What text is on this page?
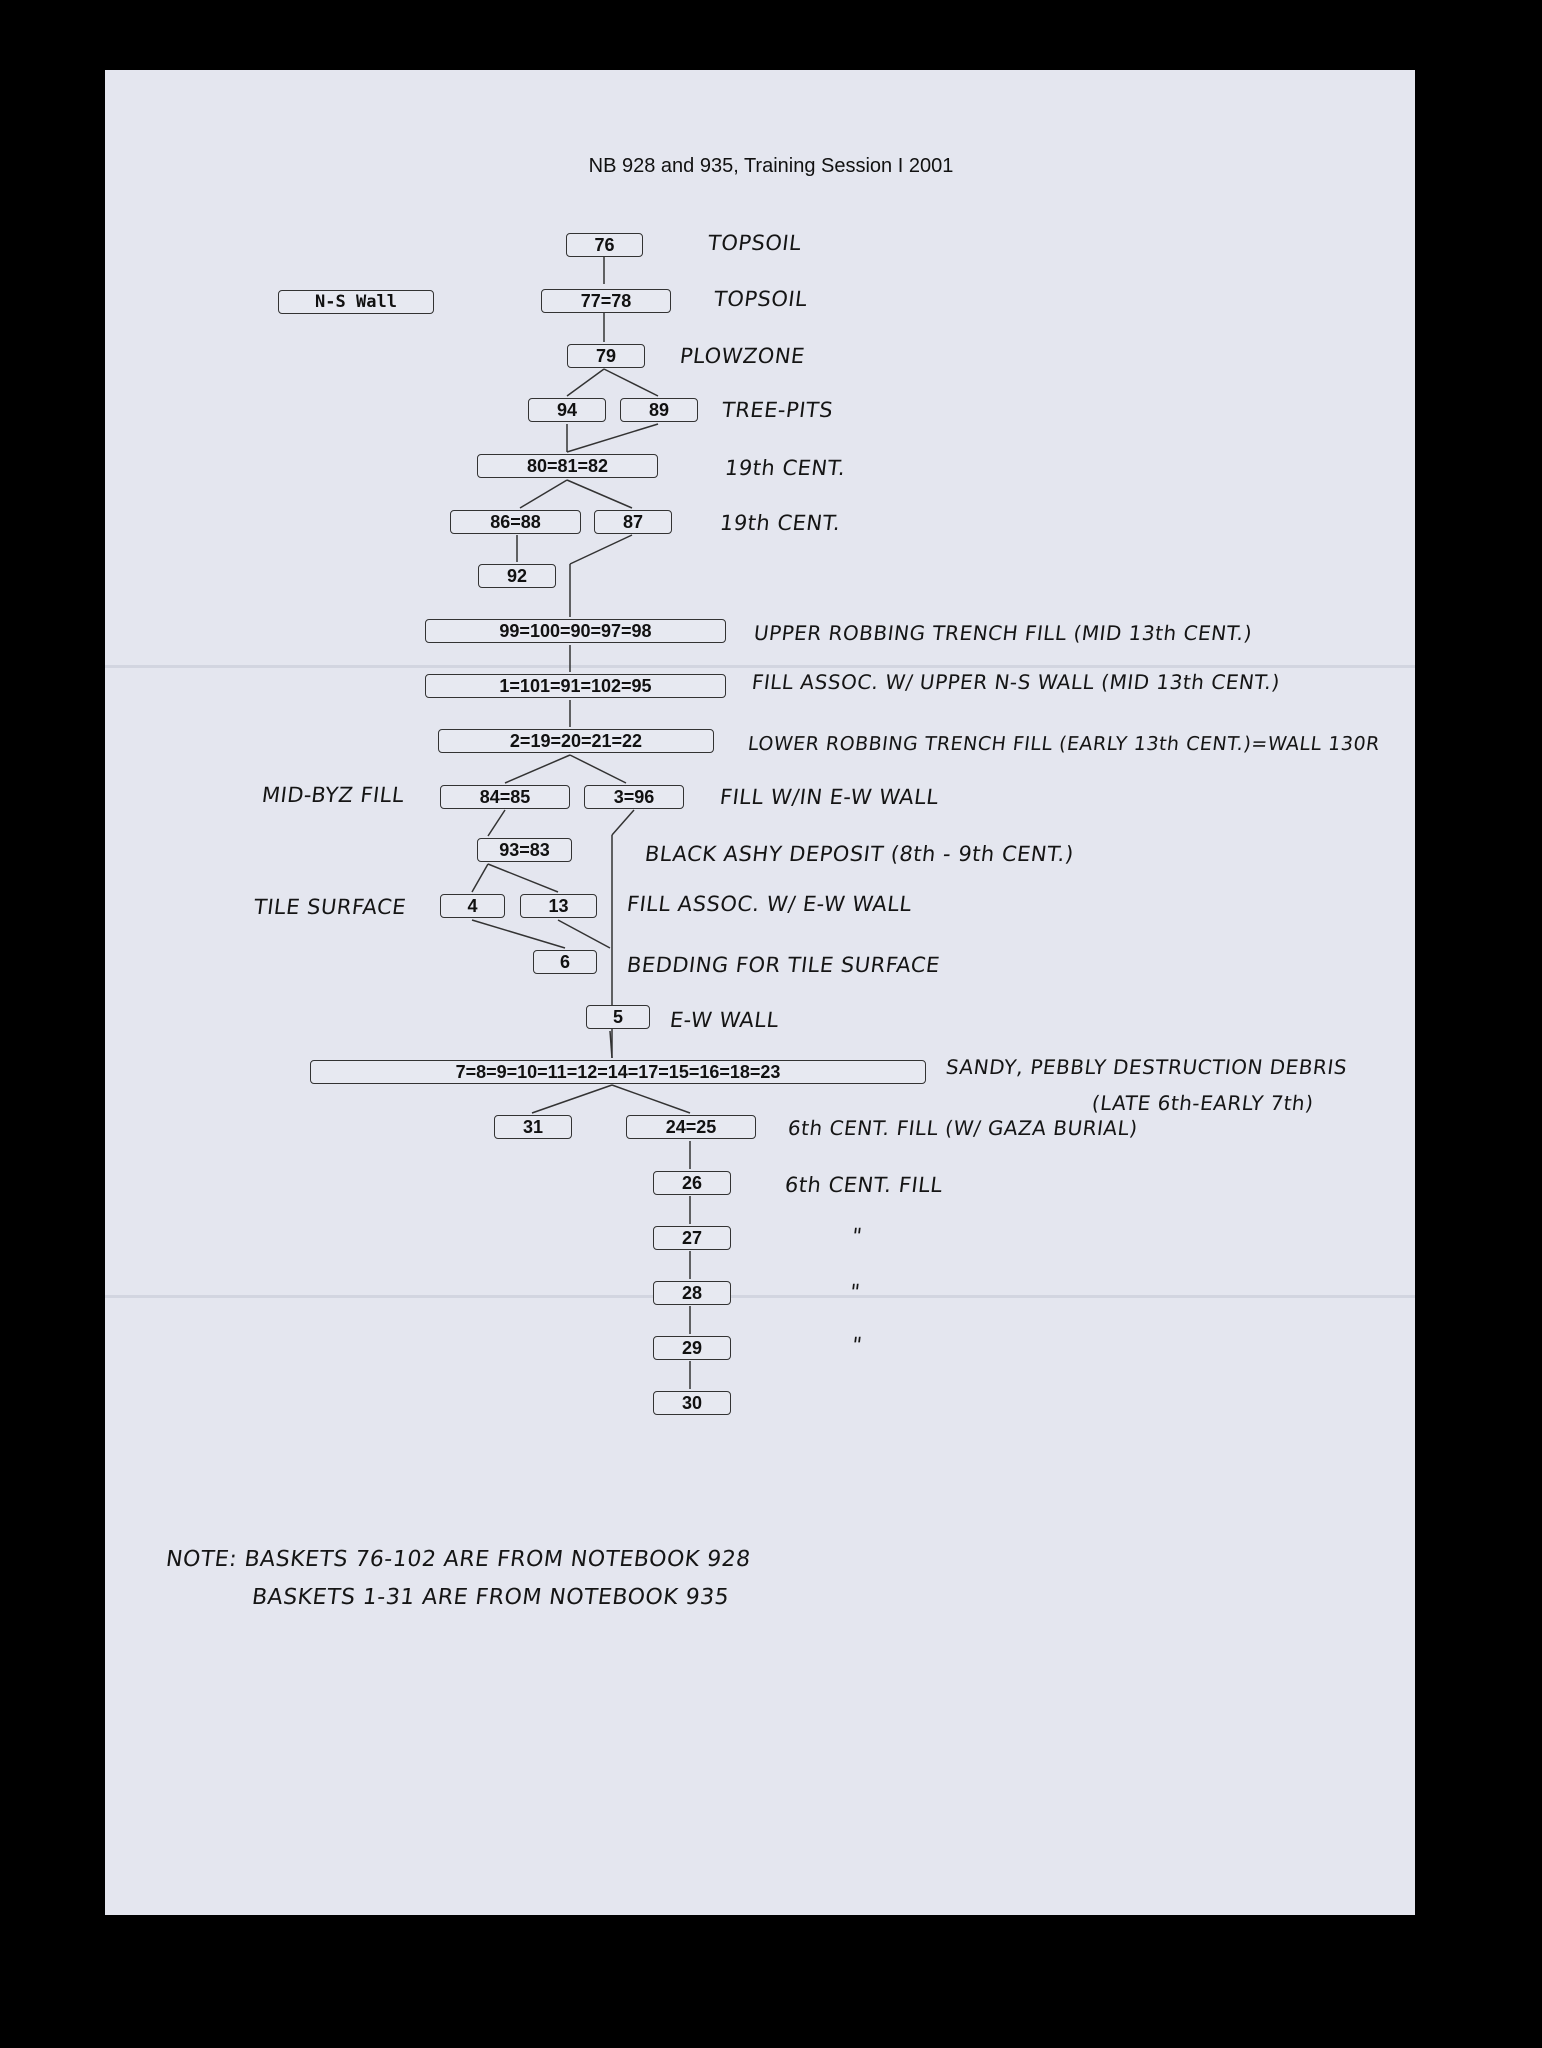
NB 928 and 935, Training Session I 2001
76
N-S Wall	77=78
79
94	89
80=81=82
86=88	87
92
99=100=90=97=98
1=101=91=102=95
2=19=20=21=22
84=85	3=96
93=83
4	13
6
5
7=8=9=10=11=12=14=17=15=16=18=23
31	24=25
26
27
28
29
30
TOPSOIL
TOPSOIL
PLOWZONE
TREE-PITS
19th CENT.
19th CENT.
UPPER ROBBING TRENCH FILL (MID 13th CENT.)
FILL ASSOC. W/ UPPER N-S WALL (MID 13th CENT.)
LOWER ROBBING TRENCH FILL (EARLY 13th CENT.)=WALL 130R
MID-BYZ FILL	FILL W/IN E-W WALL
BLACK ASHY DEPOSIT (8th - 9th CENT.)
TILE SURFACE	FILL ASSOC. W/ E-W WALL
BEDDING FOR TILE SURFACE
E-W WALL
SANDY, PEBBLY DESTRUCTION DEBRIS
(LATE 6th-EARLY 7th)
6th CENT. FILL (W/ GAZA BURIAL)
6th CENT. FILL
"
"
"
NOTE: BASKETS 76-102 ARE FROM NOTEBOOK 928
BASKETS 1-31 ARE FROM NOTEBOOK 935
